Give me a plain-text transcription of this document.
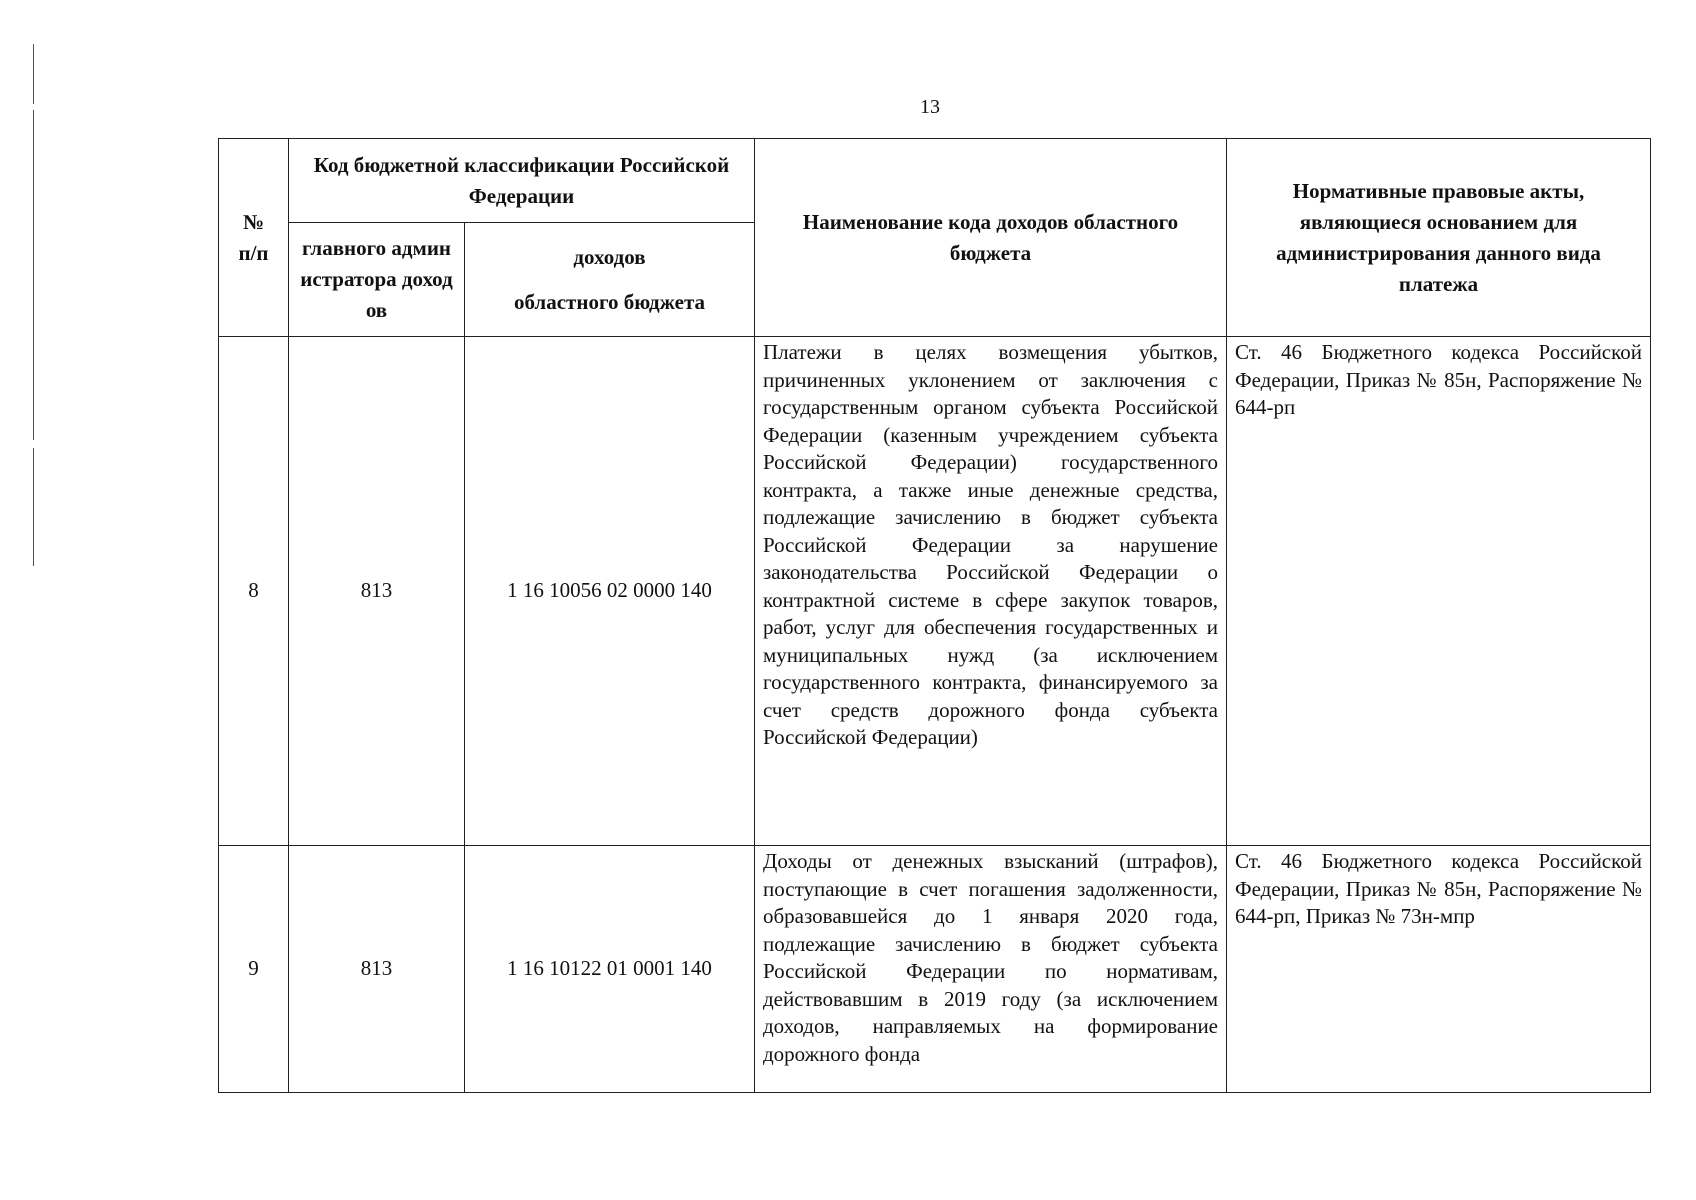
13
№
п/п	Код бюджетной классификации Российской Федерации		Наименование кода доходов областного бюджета	Нормативные правовые акты, являющиеся основанием для администрирования данного вида платежа
	главного администратора доходов	доходов
областного бюджета		

8	813	1 16 10056 02 0000 140	Платежи в целях возмещения убытков, причиненных уклонением от заключения с государственным органом субъекта Российской Федерации (казенным учреждением субъекта Российской Федерации) государственного контракта, а также иные денежные средства, подлежащие зачислению в бюджет субъекта Российской Федерации за нарушение законодательства Российской Федерации о контрактной системе в сфере закупок товаров, работ, услуг для обеспечения государственных и муниципальных нужд (за исключением государственного контракта, финансируемого за счет средств дорожного фонда субъекта Российской Федерации)	Ст. 46 Бюджетного кодекса Российской Федерации, Приказ № 85н, Распоряжение № 644-рп
9	813	1 16 10122 01 0001 140	Доходы от денежных взысканий (штрафов), поступающие в счет погашения задолженности, образовавшейся до 1 января 2020 года, подлежащие зачислению в бюджет субъекта Российской Федерации по нормативам, действовавшим в 2019 году (за исключением доходов, направляемых на формирование дорожного фонда	Ст. 46 Бюджетного кодекса Российской Федерации, Приказ № 85н, Распоряжение № 644-рп, Приказ № 73н-мпр
